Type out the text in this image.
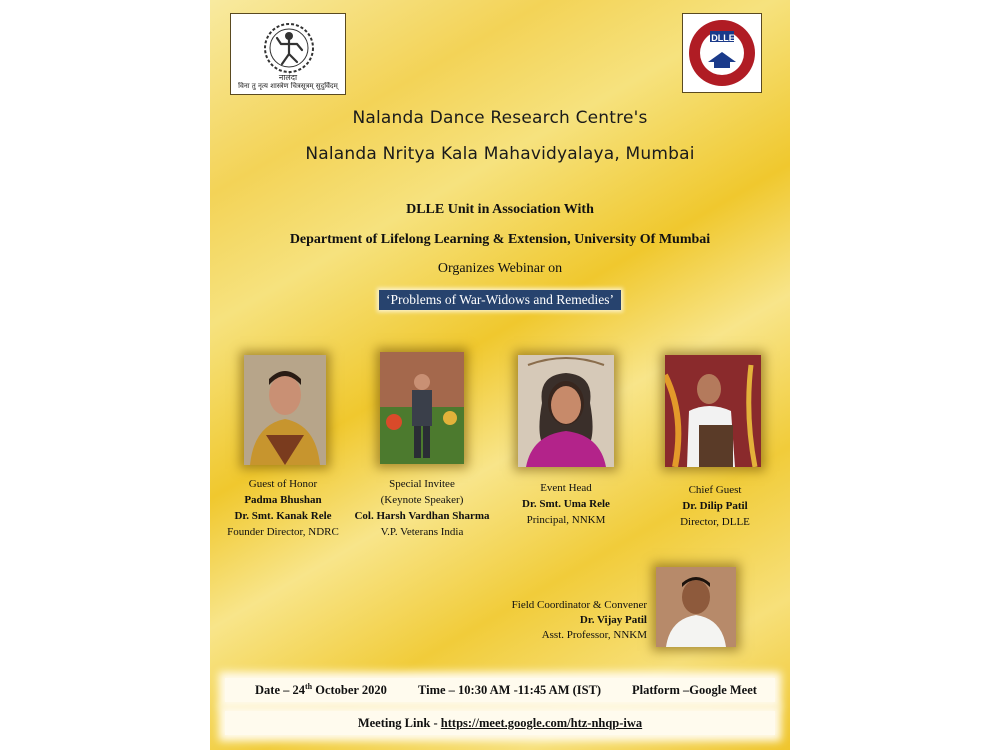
नालंदा
विना तु नृत्य शास्त्रेण चित्रसूत्रम् सुदुर्विदम्
DLLE
Nalanda Dance Research Centre's
Nalanda Nritya Kala Mahavidyalaya, Mumbai
DLLE Unit in Association With
Department of Lifelong Learning & Extension, University Of Mumbai
Organizes Webinar on
‘Problems of War-Widows and Remedies’
Guest of Honor
Padma Bhushan
Dr. Smt. Kanak Rele
Founder Director, NDRC
Special Invitee
(Keynote Speaker)
Col. Harsh Vardhan Sharma
V.P. Veterans India
Event Head
Dr. Smt. Uma Rele
Principal, NNKM
Chief Guest
Dr. Dilip Patil
Director, DLLE
Field Coordinator & Convener
Dr. Vijay Patil
Asst. Professor, NNKM
Date – 24th October 2020 Time – 10:30 AM -11:45 AM (IST) Platform –Google Meet
Meeting Link - https://meet.google.com/htz-nhqp-iwa
